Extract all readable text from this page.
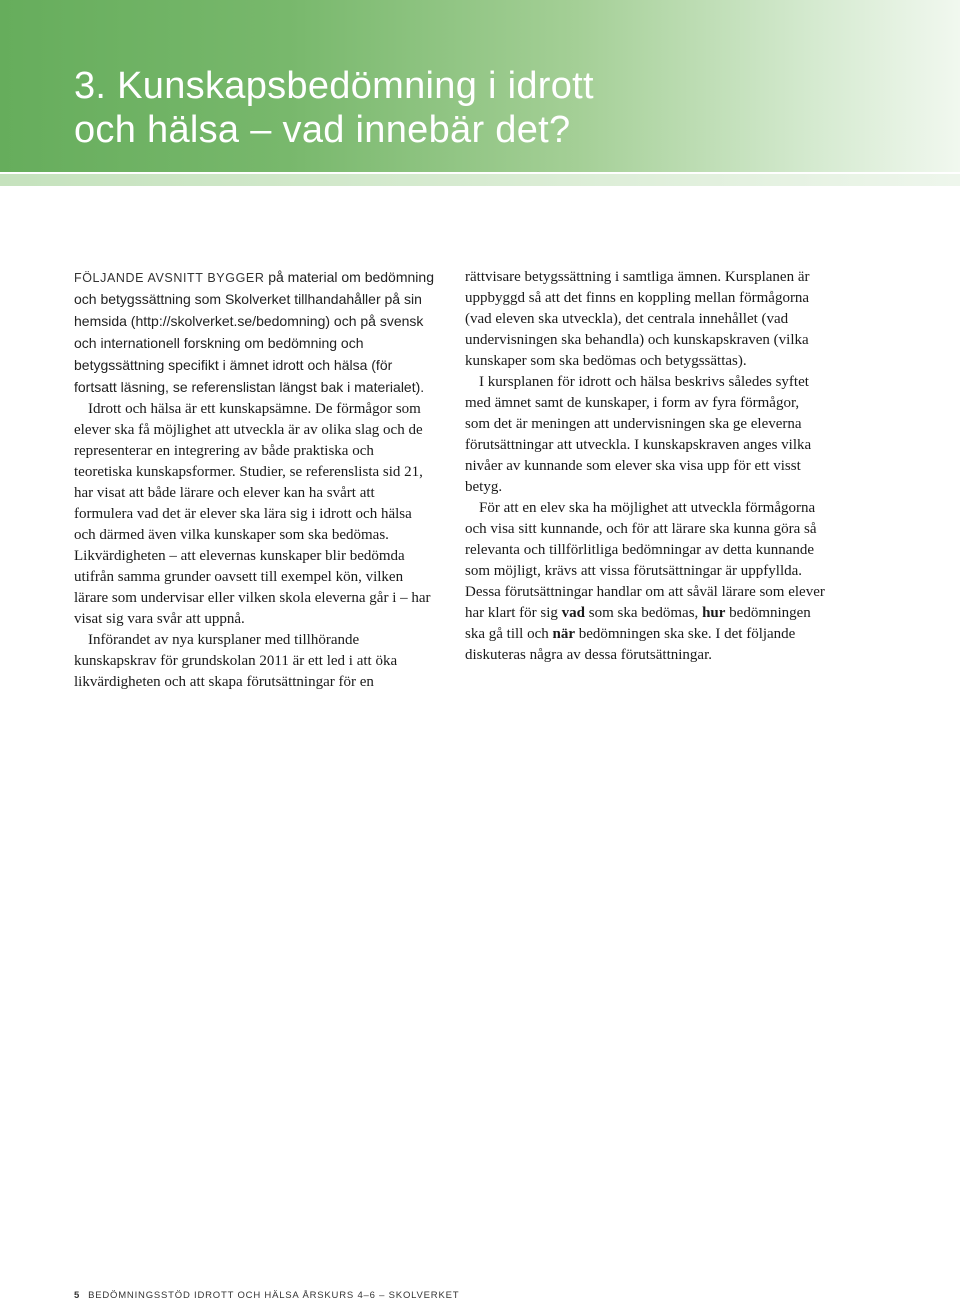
3. Kunskapsbedömning i idrott
och hälsa – vad innebär det?

FÖLJANDE AVSNITT BYGGER på material om bedömning och betygssättning som Skolverket tillhandahåller på sin hemsida (http://skolverket.se/bedomning) och på svensk och internationell forskning om bedömning och betygssättning specifikt i ämnet idrott och hälsa (för fortsatt läsning, se referenslistan längst bak i materialet).

Idrott och hälsa är ett kunskapsämne. De förmågor som elever ska få möjlighet att utveckla är av olika slag och de representerar en integrering av både praktiska och teoretiska kunskapsformer. Studier, se referenslista sid 21, har visat att både lärare och elever kan ha svårt att formulera vad det är elever ska lära sig i idrott och hälsa och därmed även vilka kunskaper som ska bedömas. Likvärdigheten – att elevernas kunskaper blir bedömda utifrån samma grunder oavsett till exempel kön, vilken lärare som undervisar eller vilken skola eleverna går i – har visat sig vara svår att uppnå.

Införandet av nya kursplaner med tillhörande kunskapskrav för grundskolan 2011 är ett led i att öka likvärdigheten och att skapa förutsättningar för en

rättvisare betygssättning i samtliga ämnen. Kursplanen är uppbyggd så att det finns en koppling mellan förmågorna (vad eleven ska utveckla), det centrala innehållet (vad undervisningen ska behandla) och kunskapskraven (vilka kunskaper som ska bedömas och betygssättas).

I kursplanen för idrott och hälsa beskrivs således syftet med ämnet samt de kunskaper, i form av fyra förmågor, som det är meningen att undervisningen ska ge eleverna förutsättningar att utveckla. I kunskapskraven anges vilka nivåer av kunnande som elever ska visa upp för ett visst betyg.

För att en elev ska ha möjlighet att utveckla förmågorna och visa sitt kunnande, och för att lärare ska kunna göra så relevanta och tillförlitliga bedömningar av detta kunnande som möjligt, krävs att vissa förutsättningar är uppfyllda. Dessa förutsättningar handlar om att såväl lärare som elever har klart för sig vad som ska bedömas, hur bedömningen ska gå till och när bedömningen ska ske. I det följande diskuteras några av dessa förutsättningar.

5 BEDÖMNINGSSTÖD IDROTT OCH HÄLSA ÅRSKURS 4–6 – SKOLVERKET
